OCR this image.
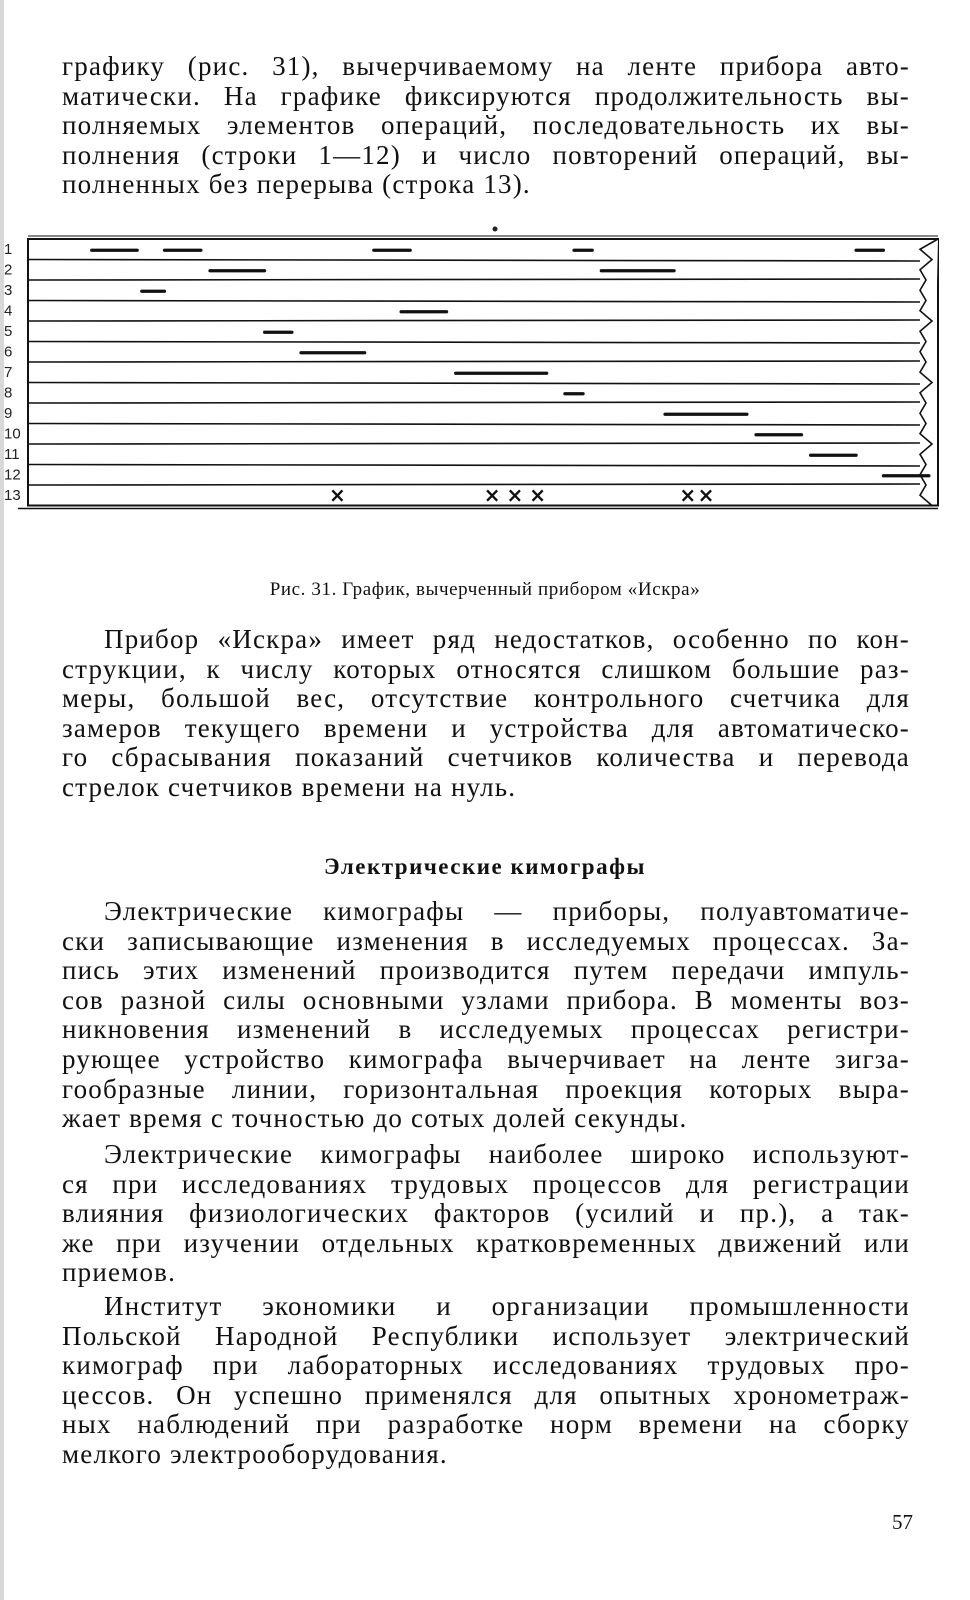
графику (рис. 31), вычерчиваемому на ленте прибора авто-
матически. На графике фиксируются продолжительность вы-
полняемых элементов операций, последовательность их вы-
полнения (строки 1—12) и число повторений операций, вы-
полненных без перерыва (строка 13).
1
2
3
4
5
6
7
8
9
10
11
12
13	×	× × ×	× ×
Рис. 31. График, вычерченный прибором «Искра»
Прибор «Искра» имеет ряд недостатков, особенно по кон-
струкции, к числу которых относятся слишком большие раз-
меры, большой вес, отсутствие контрольного счетчика для
замеров текущего времени и устройства для автоматическо-
го сбрасывания показаний счетчиков количества и перевода
стрелок счетчиков времени на нуль.
Электрические кимографы
Электрические кимографы — приборы, полуавтоматиче-
ски записывающие изменения в исследуемых процессах. За-
пись этих изменений производится путем передачи импуль-
сов разной силы основными узлами прибора. В моменты воз-
никновения изменений в исследуемых процессах регистри-
рующее устройство кимографа вычерчивает на ленте зигза-
гообразные линии, горизонтальная проекция которых выра-
жает время с точностью до сотых долей секунды.
Электрические кимографы наиболее широко используют-
ся при исследованиях трудовых процессов для регистрации
влияния физиологических факторов (усилий и пр.), а так-
же при изучении отдельных кратковременных движений или
приемов.
Институт экономики и организации промышленности
Польской Народной Республики использует электрический
кимограф при лабораторных исследованиях трудовых про-
цессов. Он успешно применялся для опытных хронометраж-
ных наблюдений при разработке норм времени на сборку
мелкого электрооборудования.
57
